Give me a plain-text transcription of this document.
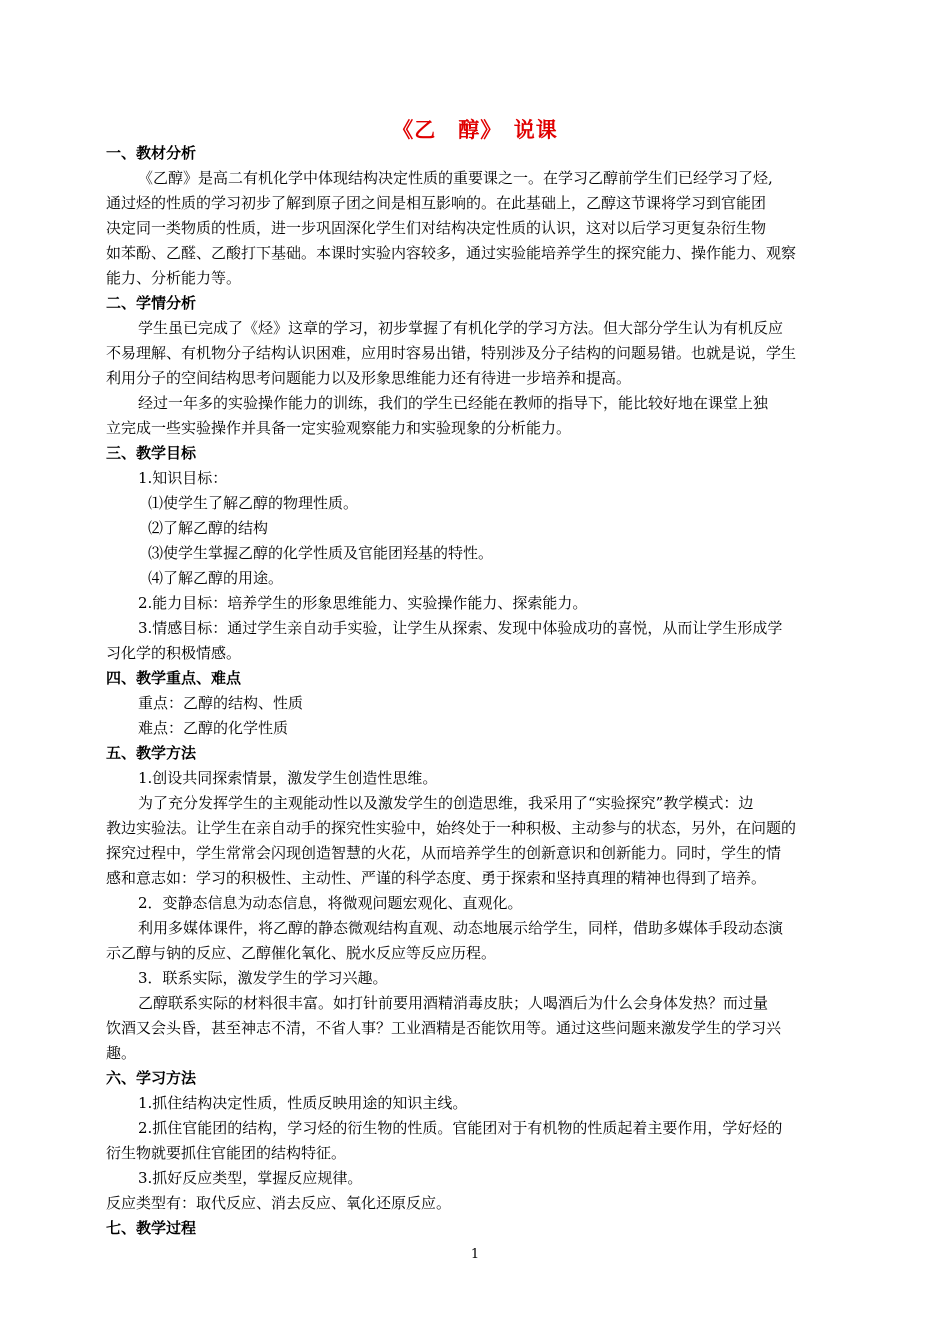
《乙　醇》　说课
一、教材分析
《乙醇》是高二有机化学中体现结构决定性质的重要课之一。在学习乙醇前学生们已经学习了烃,
通过烃的性质的学习初步了解到原子团之间是相互影响的。在此基础上，乙醇这节课将学习到官能团
决定同一类物质的性质，进一步巩固深化学生们对结构决定性质的认识，这对以后学习更复杂衍生物
如苯酚、乙醛、乙酸打下基础。本课时实验内容较多，通过实验能培养学生的探究能力、操作能力、观察
能力、分析能力等。
二、学情分析
学生虽已完成了《烃》这章的学习，初步掌握了有机化学的学习方法。但大部分学生认为有机反应
不易理解、有机物分子结构认识困难，应用时容易出错，特别涉及分子结构的问题易错。也就是说，学生
利用分子的空间结构思考问题能力以及形象思维能力还有待进一步培养和提高。
经过一年多的实验操作能力的训练，我们的学生已经能在教师的指导下，能比较好地在课堂上独
立完成一些实验操作并具备一定实验观察能力和实验现象的分析能力。
三、教学目标
1.知识目标：
⑴使学生了解乙醇的物理性质。
⑵了解乙醇的结构
⑶使学生掌握乙醇的化学性质及官能团羟基的特性。
⑷了解乙醇的用途。
2.能力目标：培养学生的形象思维能力、实验操作能力、探索能力。
3.情感目标：通过学生亲自动手实验，让学生从探索、发现中体验成功的喜悦，从而让学生形成学
习化学的积极情感。
四、教学重点、难点
重点：乙醇的结构、性质
难点：乙醇的化学性质
五、教学方法
1.创设共同探索情景，激发学生创造性思维。
为了充分发挥学生的主观能动性以及激发学生的创造思维，我采用了“实验探究”教学模式：边
教边实验法。让学生在亲自动手的探究性实验中，始终处于一种积极、主动参与的状态，另外，在问题的
探究过程中，学生常常会闪现创造智慧的火花，从而培养学生的创新意识和创新能力。同时，学生的情
感和意志如：学习的积极性、主动性、严谨的科学态度、勇于探索和坚持真理的精神也得到了培养。
2．变静态信息为动态信息，将微观问题宏观化、直观化。
利用多媒体课件，将乙醇的静态微观结构直观、动态地展示给学生，同样，借助多媒体手段动态演
示乙醇与钠的反应、乙醇催化氧化、脱水反应等反应历程。
3．联系实际，激发学生的学习兴趣。
乙醇联系实际的材料很丰富。如打针前要用酒精消毒皮肤；人喝酒后为什么会身体发热？而过量
饮酒又会头昏，甚至神志不清，不省人事？工业酒精是否能饮用等。通过这些问题来激发学生的学习兴
趣。
六、学习方法
1.抓住结构决定性质，性质反映用途的知识主线。
2.抓住官能团的结构，学习烃的衍生物的性质。官能团对于有机物的性质起着主要作用，学好烃的
衍生物就要抓住官能团的结构特征。
3.抓好反应类型，掌握反应规律。
反应类型有：取代反应、消去反应、氧化还原反应。
七、教学过程
1
